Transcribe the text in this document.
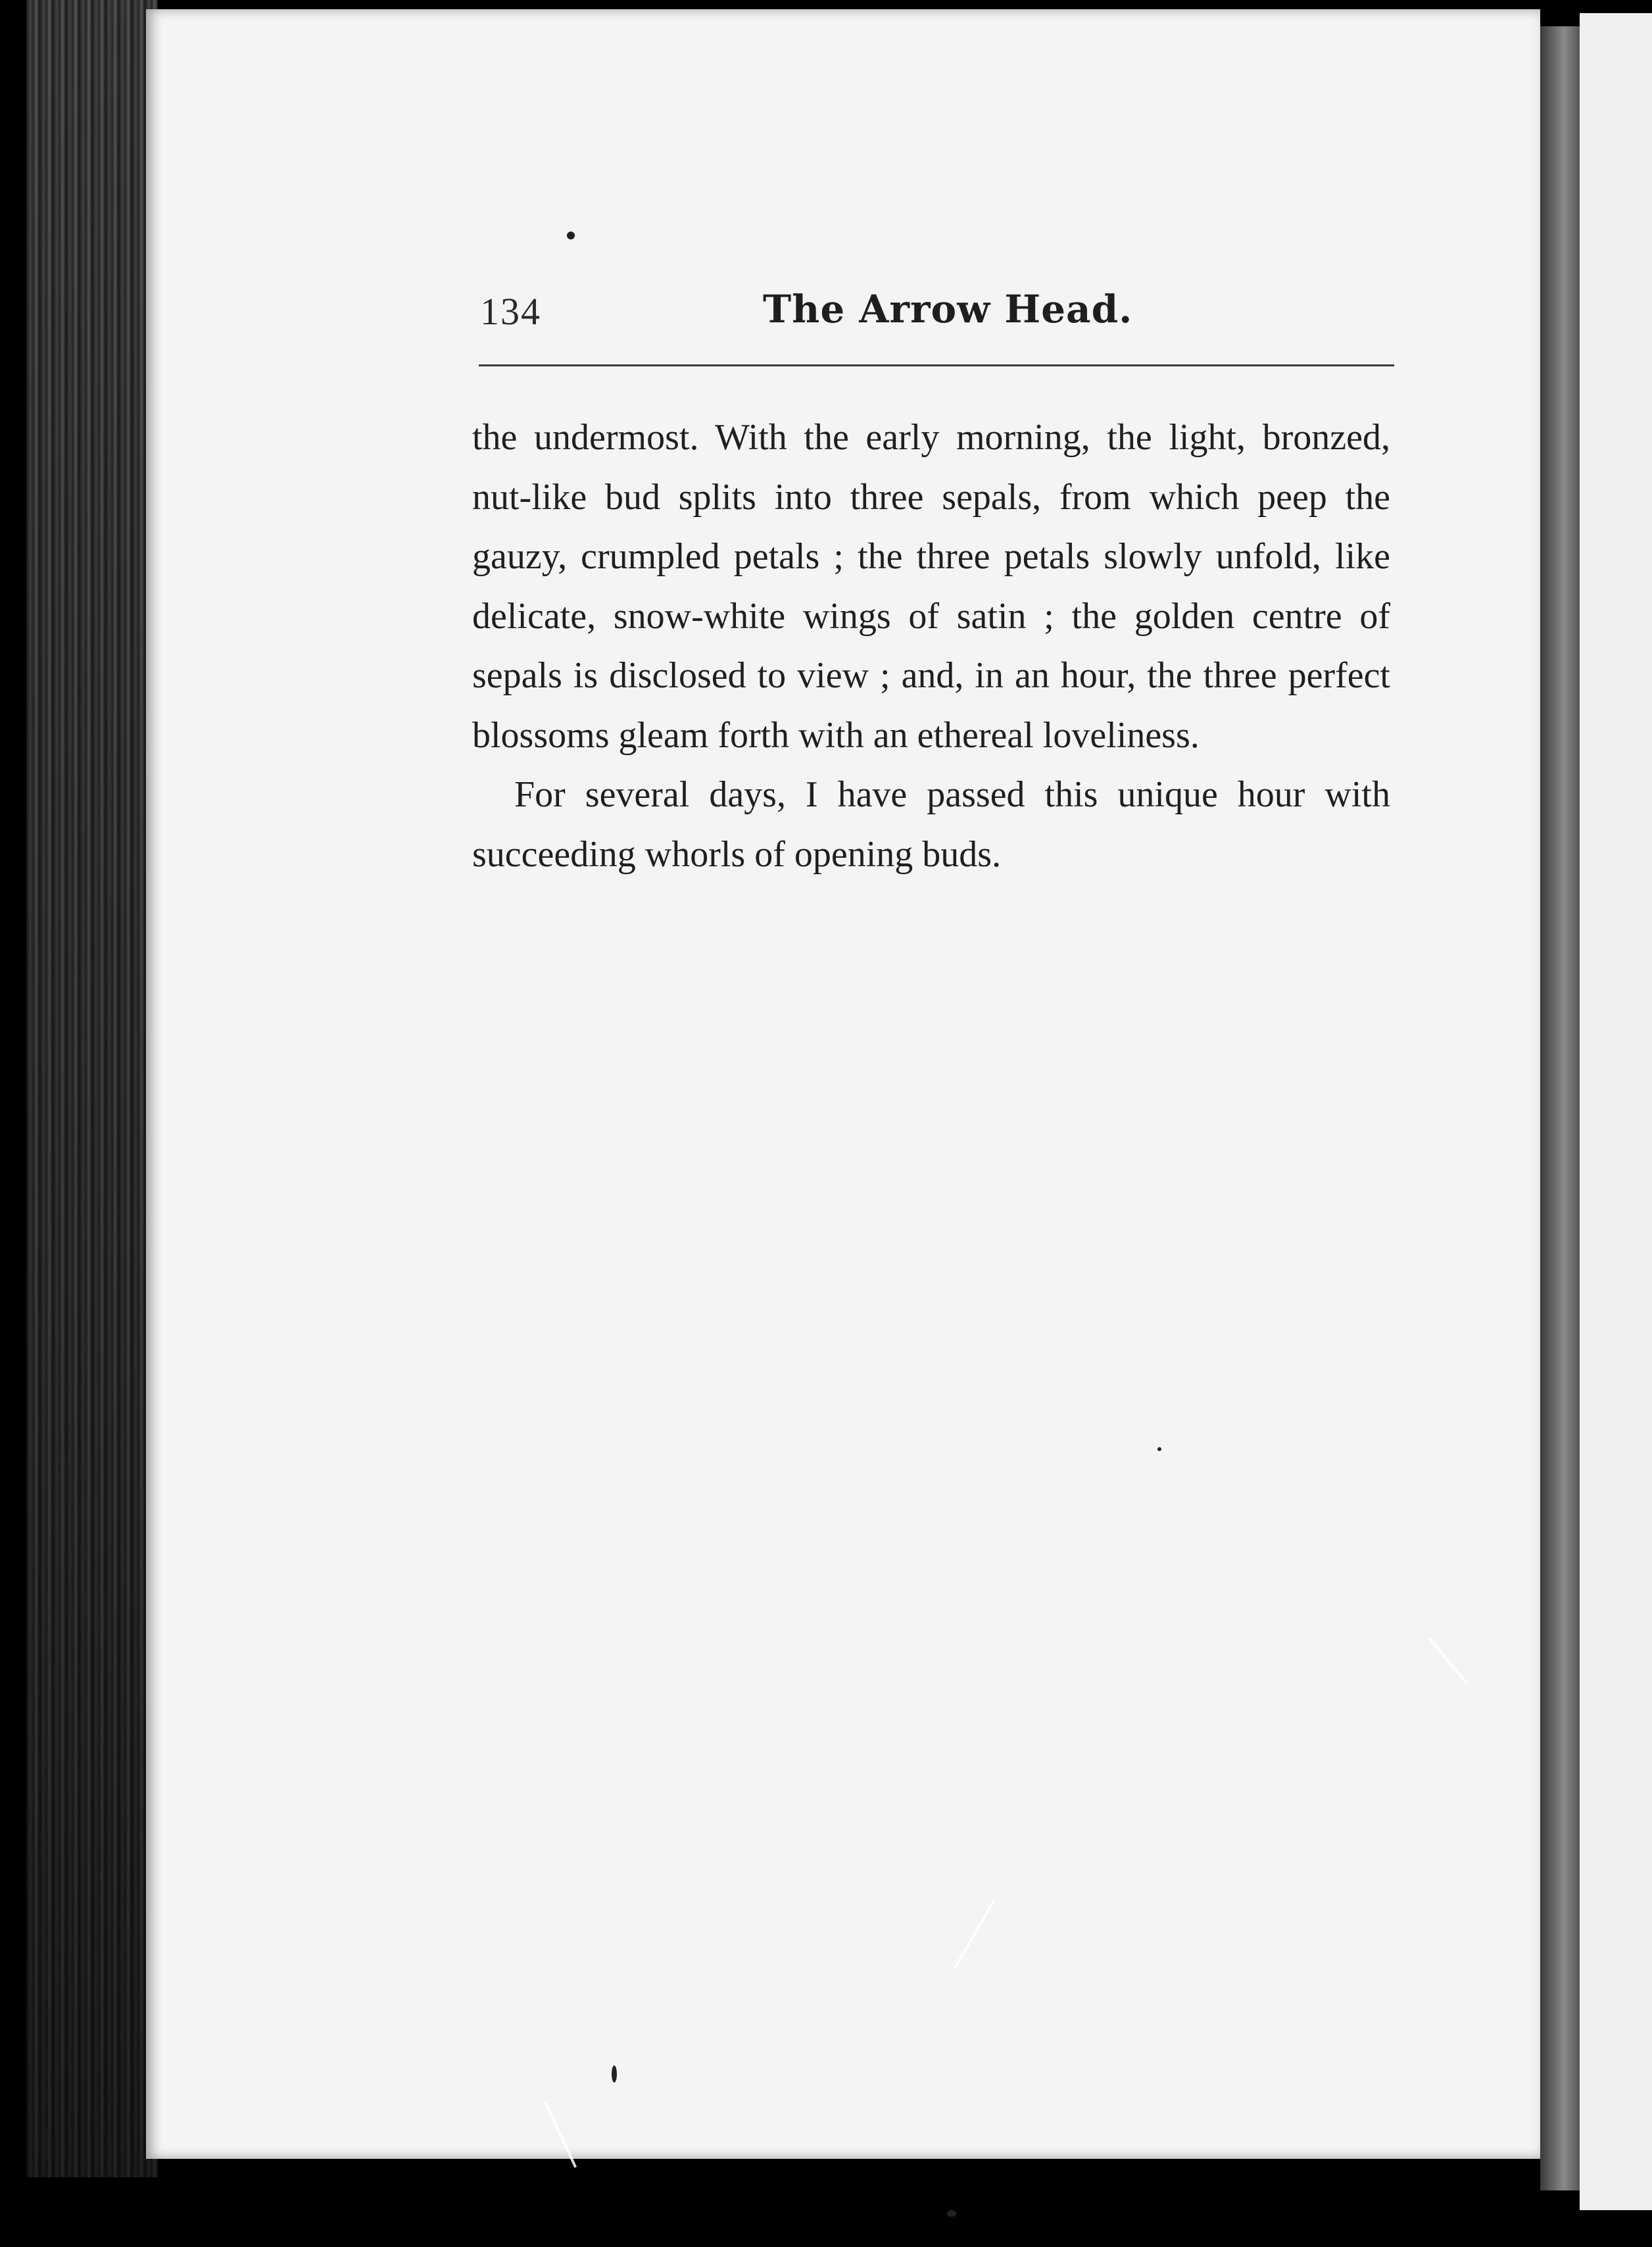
134	The Arrow Head.

the undermost. With the early morning, the light, bronzed, nut-like bud splits into three sepals, from which peep the gauzy, crumpled petals ; the three petals slowly unfold, like delicate, snow-white wings of satin ; the golden centre of sepals is disclosed to view ; and, in an hour, the three perfect blossoms gleam forth with an ethereal loveliness.

For several days, I have passed this unique hour with succeeding whorls of opening buds.
